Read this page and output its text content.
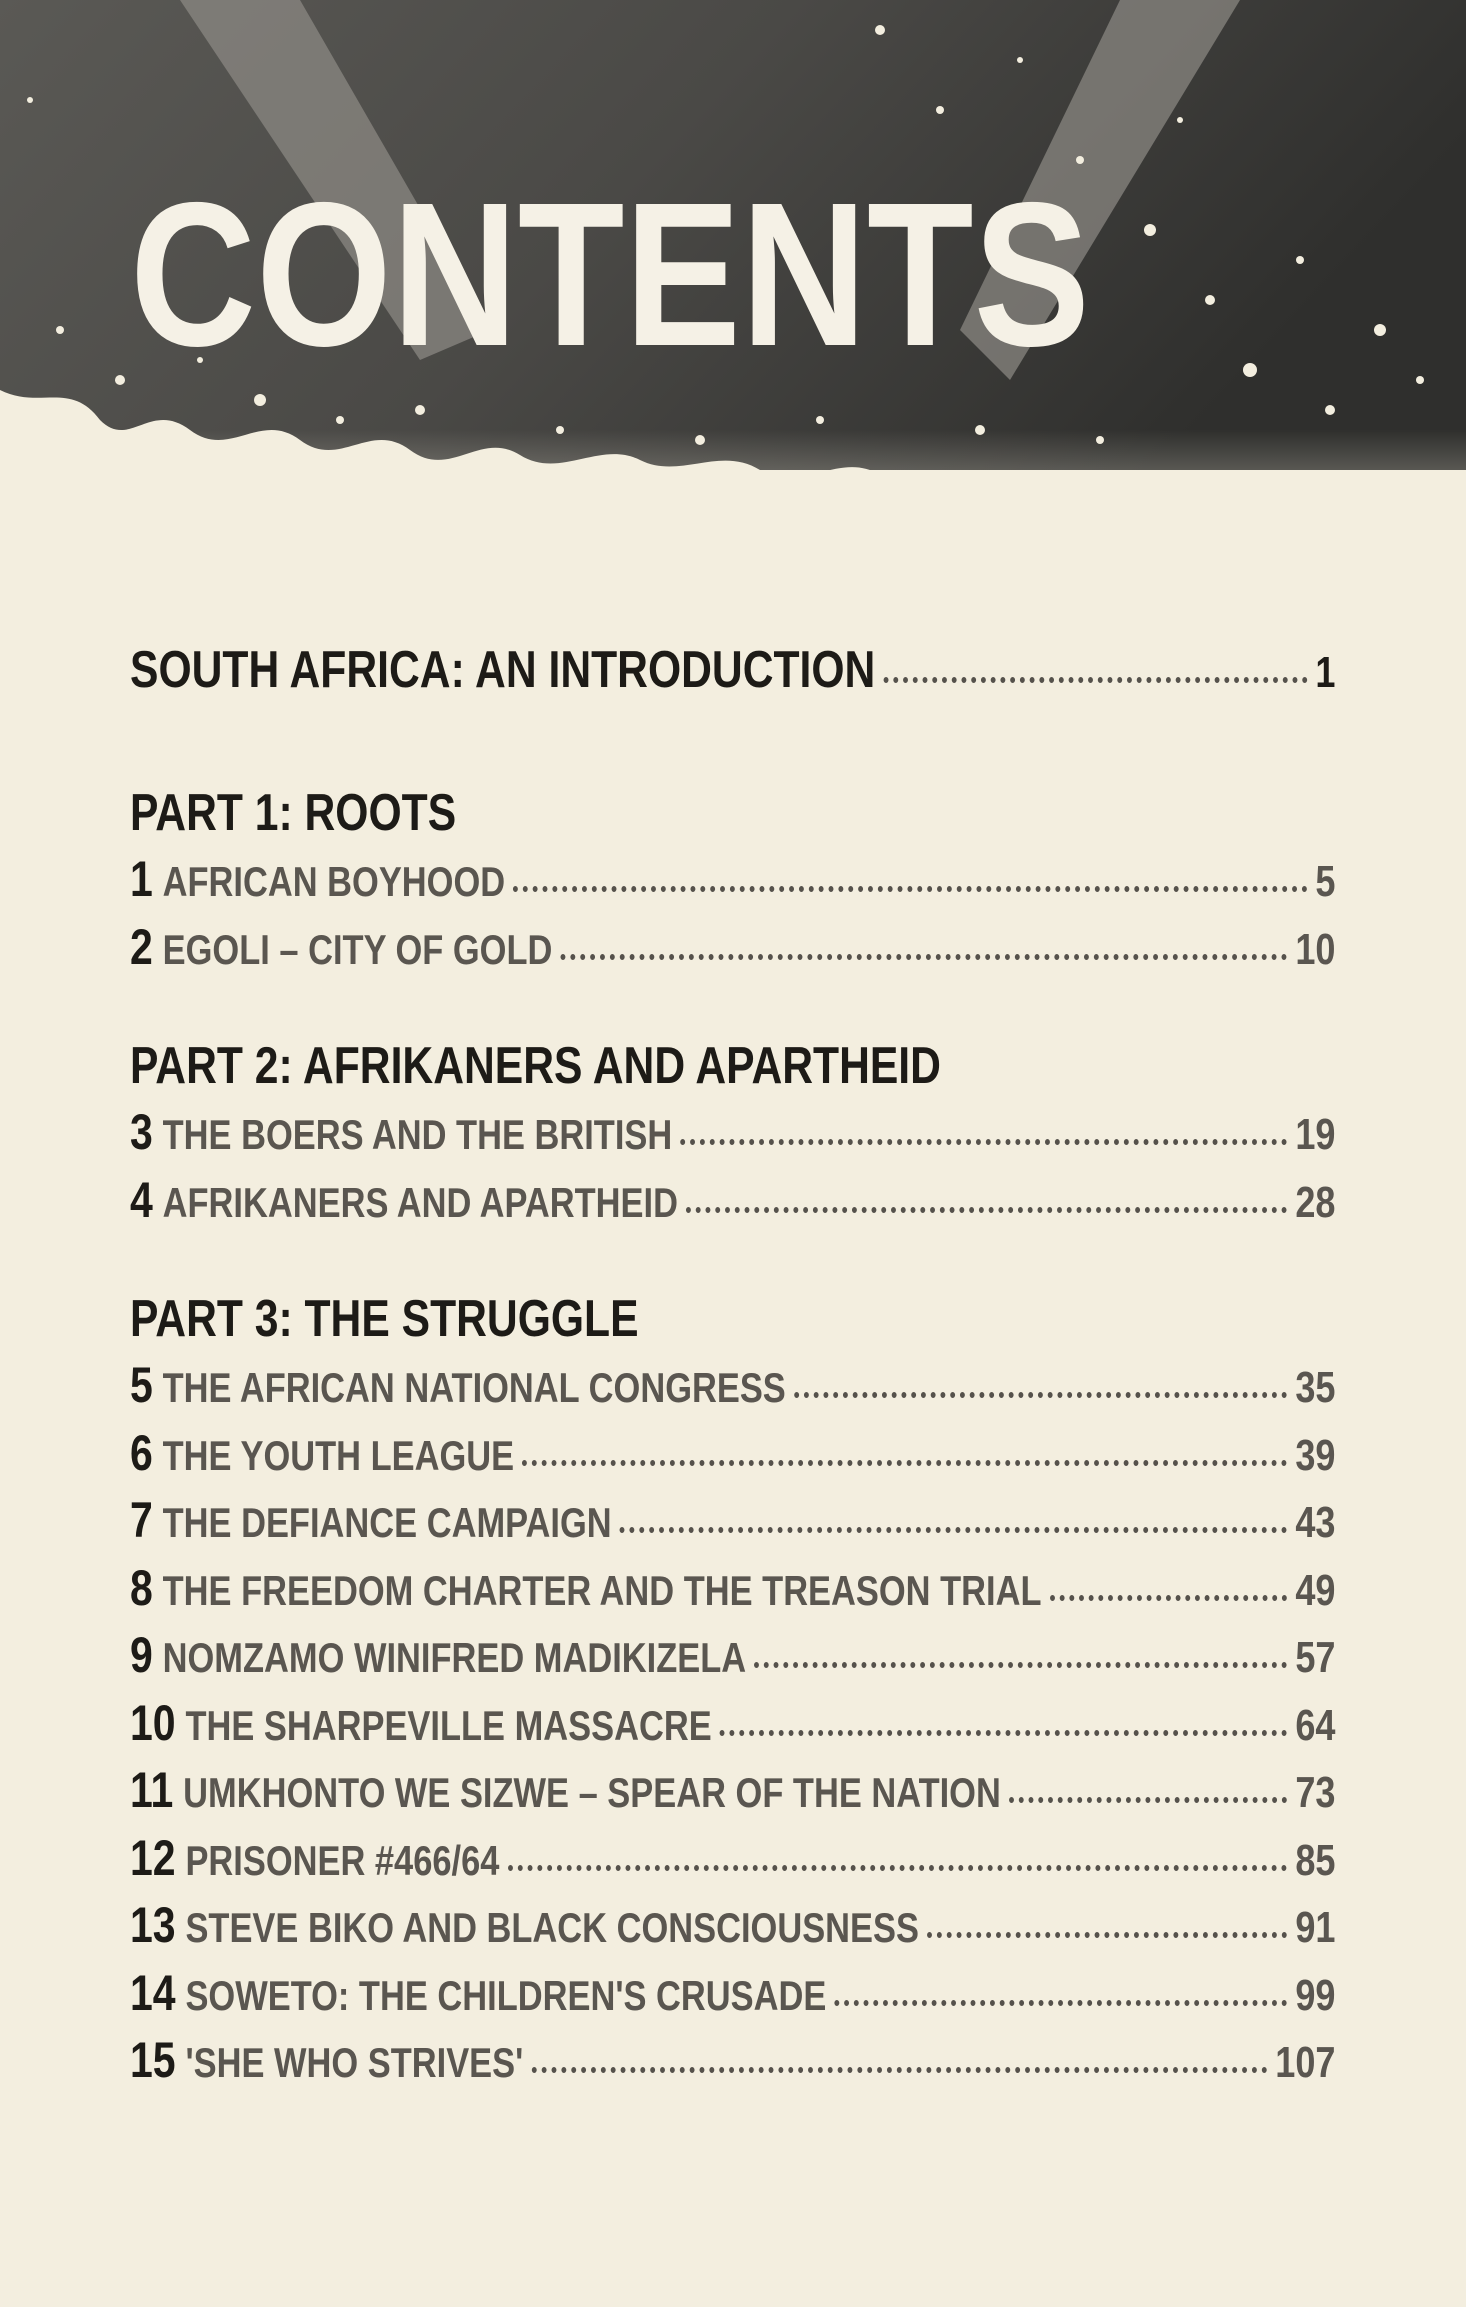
CONTENTS
SOUTH AFRICA: AN INTRODUCTION	1
PART 1: ROOTS
1 AFRICAN BOYHOOD	5
2 EGOLI – CITY OF GOLD	10
PART 2: AFRIKANERS AND APARTHEID
3 THE BOERS AND THE BRITISH	19
4 AFRIKANERS AND APARTHEID	28
PART 3: THE STRUGGLE
5 THE AFRICAN NATIONAL CONGRESS	35
6 THE YOUTH LEAGUE	39
7 THE DEFIANCE CAMPAIGN	43
8 THE FREEDOM CHARTER AND THE TREASON TRIAL	49
9 NOMZAMO WINIFRED MADIKIZELA	57
10 THE SHARPEVILLE MASSACRE	64
11 UMKHONTO WE SIZWE – SPEAR OF THE NATION	73
12 PRISONER #466/64	85
13 STEVE BIKO AND BLACK CONSCIOUSNESS	91
14 SOWETO: THE CHILDREN'S CRUSADE	99
15 'SHE WHO STRIVES'	107
